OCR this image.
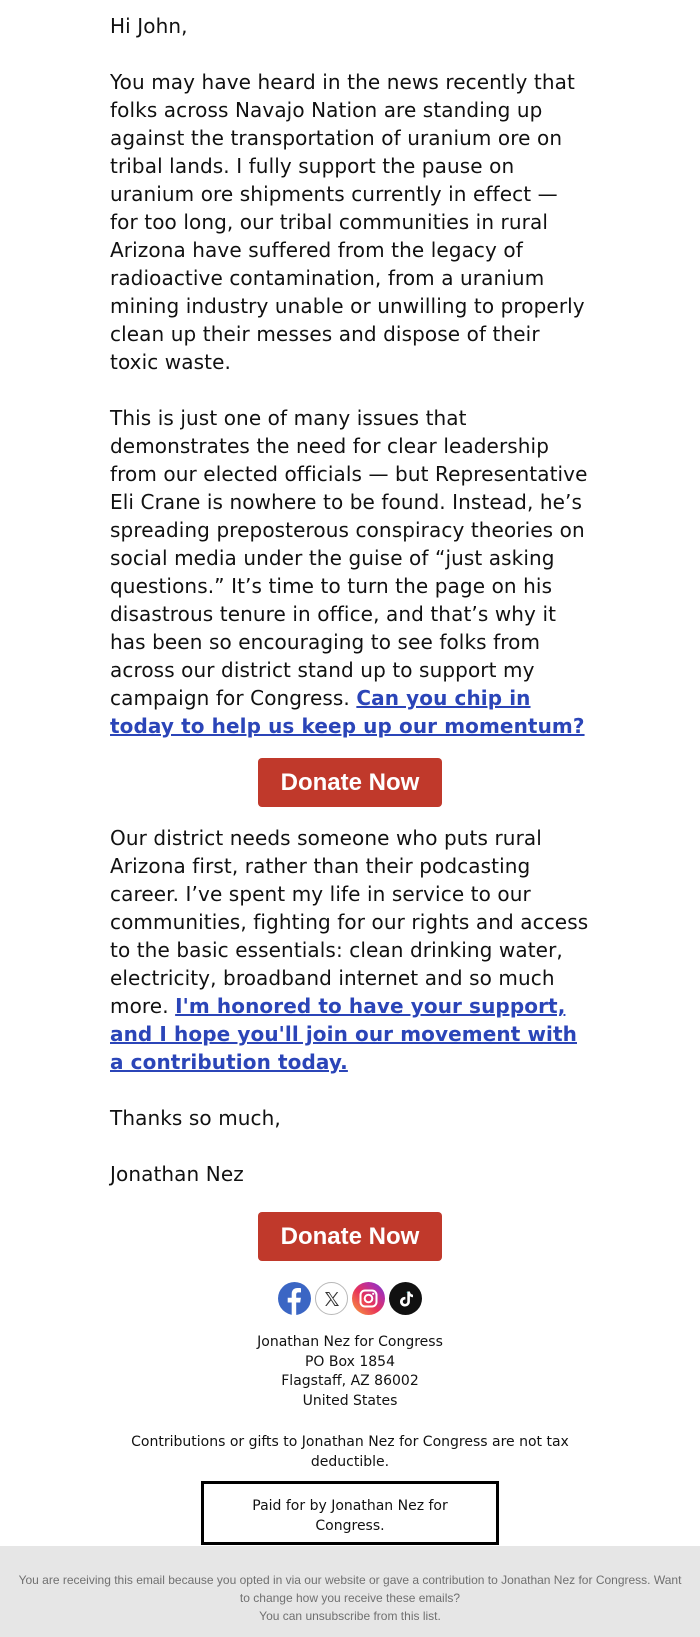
Hi John,

You may have heard in the news recently that folks across Navajo Nation are standing up against the transportation of uranium ore on tribal lands. I fully support the pause on uranium ore shipments currently in effect — for too long, our tribal communities in rural Arizona have suffered from the legacy of radioactive contamination, from a uranium mining industry unable or unwilling to properly clean up their messes and dispose of their toxic waste.

This is just one of many issues that demonstrates the need for clear leadership from our elected officials — but Representative Eli Crane is nowhere to be found. Instead, he’s spreading preposterous conspiracy theories on social media under the guise of “just asking questions.” It’s time to turn the page on his disastrous tenure in office, and that’s why it has been so encouraging to see folks from across our district stand up to support my campaign for Congress. Can you chip in today to help us keep up our momentum?

Donate Now

Our district needs someone who puts rural Arizona first, rather than their podcasting career. I’ve spent my life in service to our communities, fighting for our rights and access to the basic essentials: clean drinking water, electricity, broadband internet and so much more. I'm honored to have your support, and I hope you'll join our movement with a contribution today.

Thanks so much,

Jonathan Nez

Donate Now
Jonathan Nez for Congress
PO Box 1854
Flagstaff, AZ 86002
United States
Contributions or gifts to Jonathan Nez for Congress are not tax deductible.
Paid for by Jonathan Nez for Congress.
You are receiving this email because you opted in via our website or gave a contribution to Jonathan Nez for Congress. Want to change how you receive these emails?
You can unsubscribe from this list.
